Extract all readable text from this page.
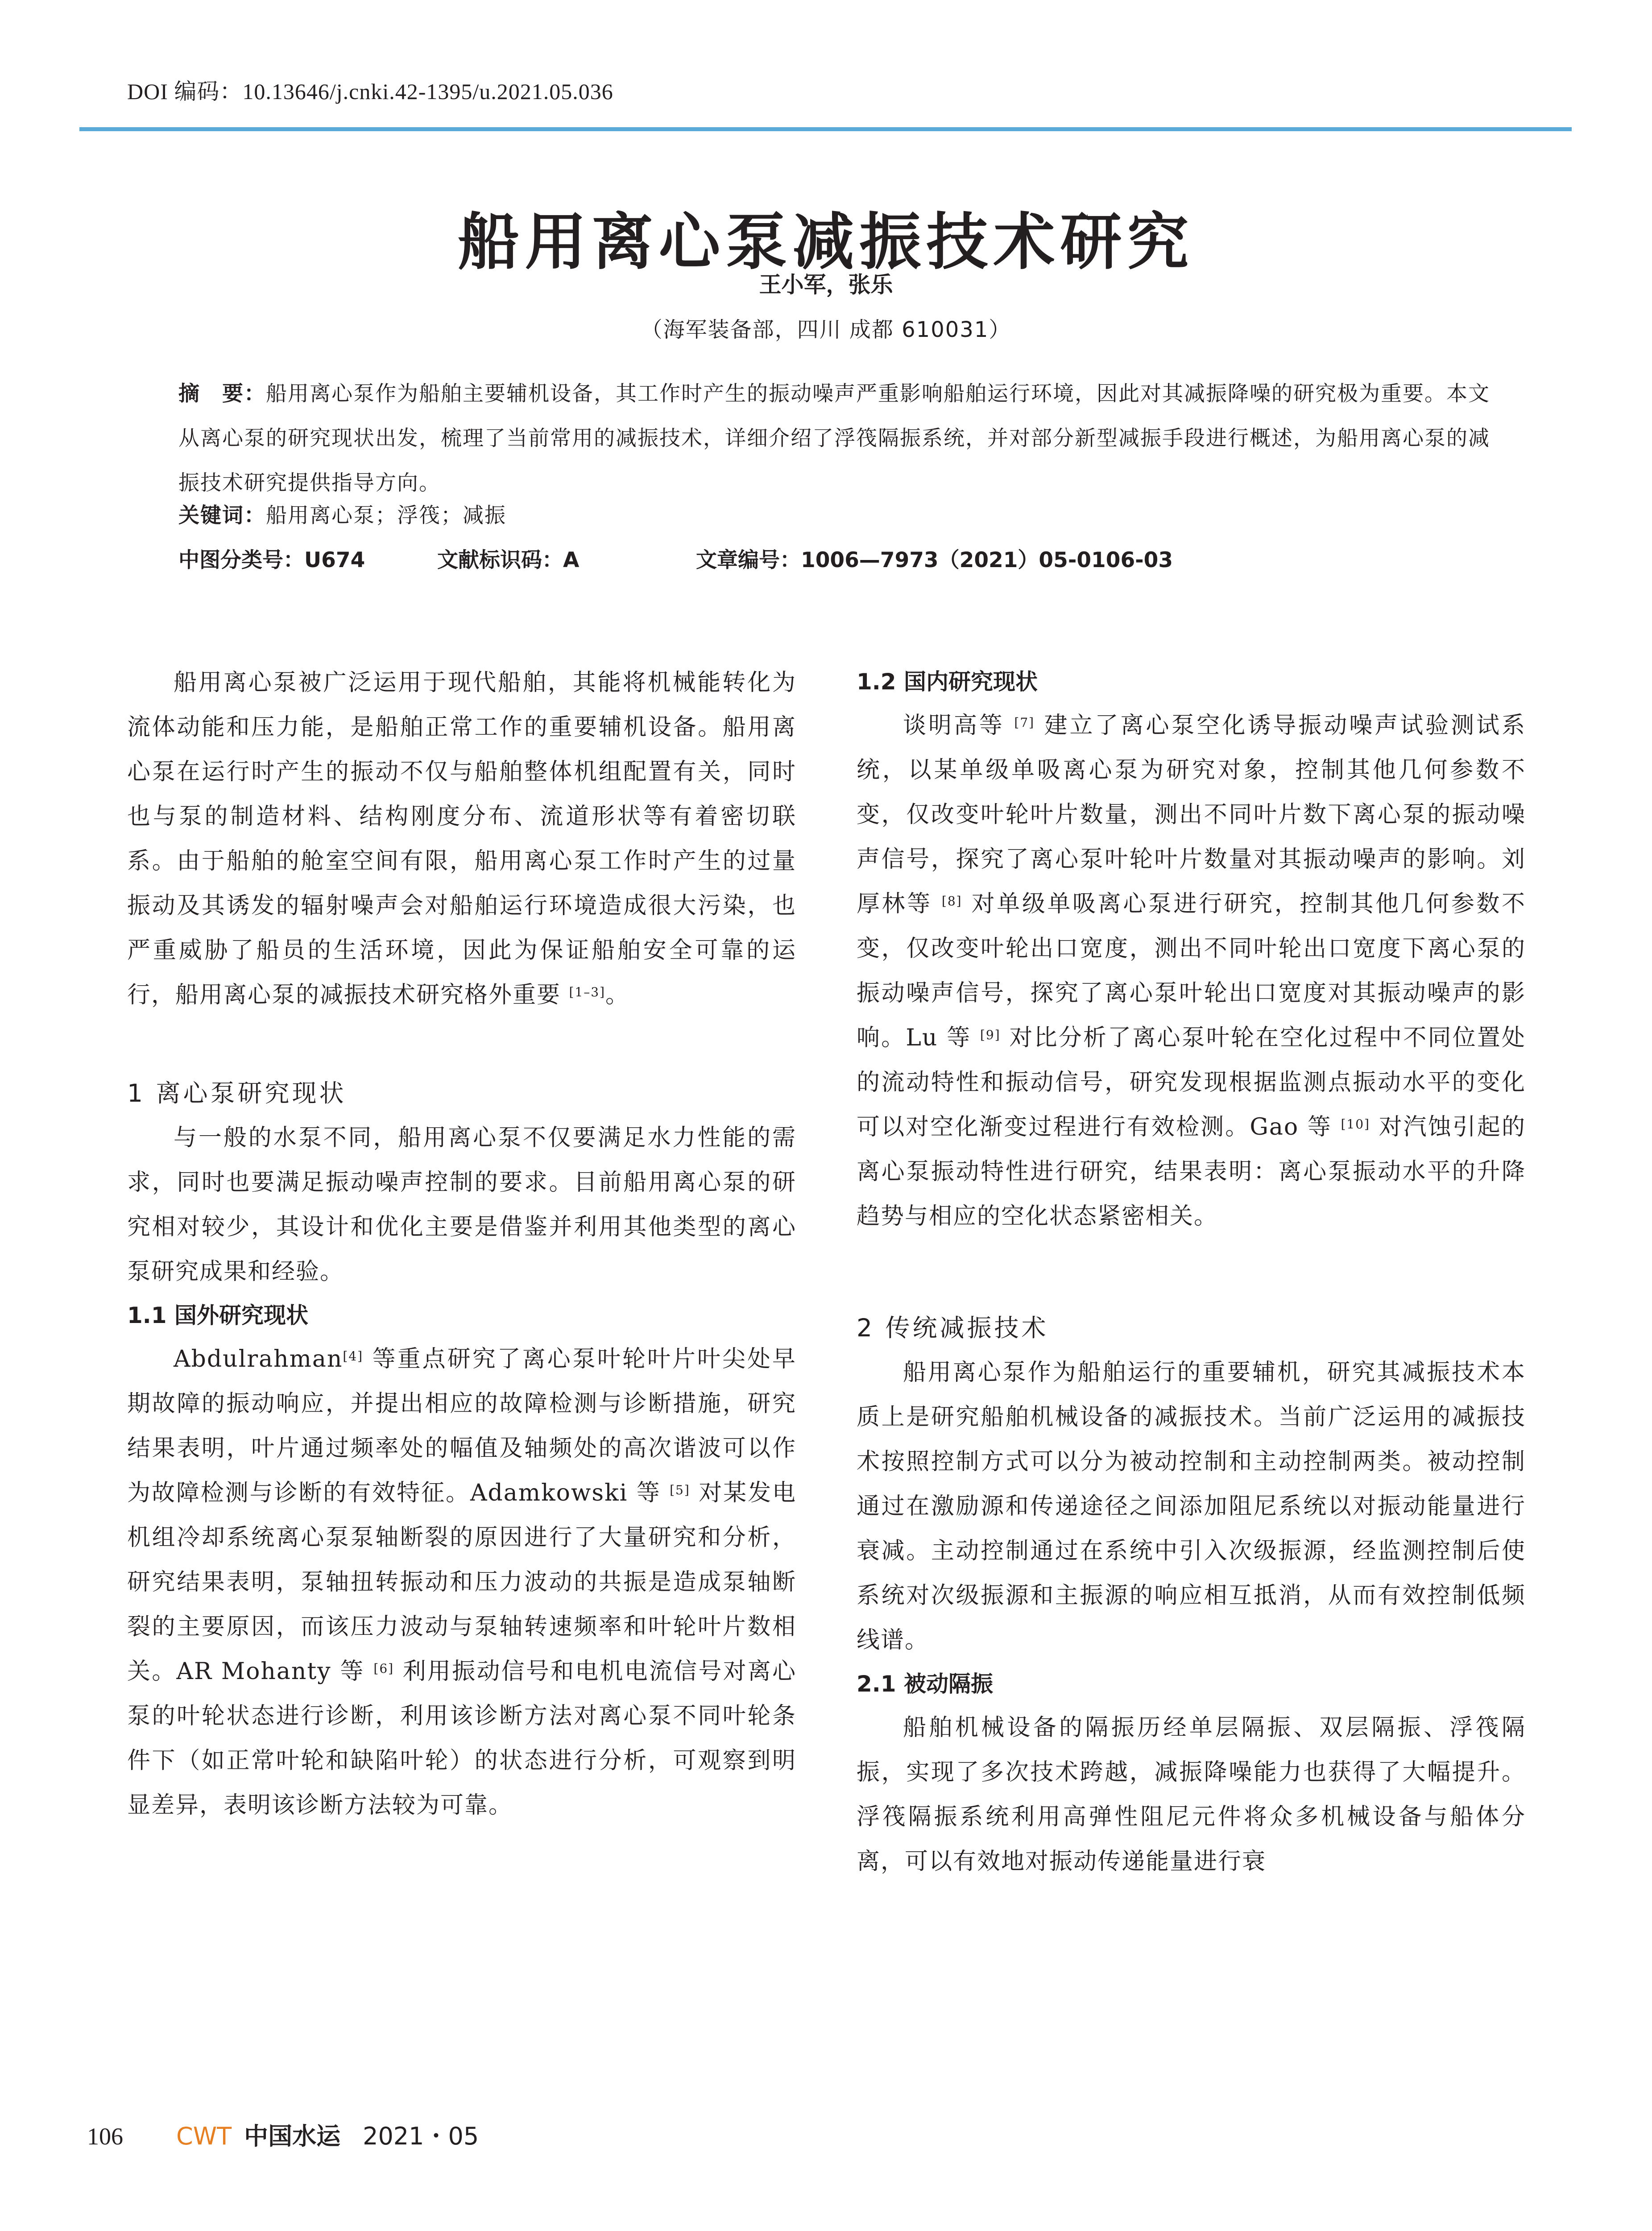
DOI 编码：10.13646/j.cnki.42-1395/u.2021.05.036
船用离心泵减振技术研究
王小军，张乐
（海军装备部，四川 成都 610031）
摘　要：船用离心泵作为船舶主要辅机设备，其工作时产生的振动噪声严重影响船舶运行环境，因此对其减振降噪的研究极为重要。本文从离心泵的研究现状出发，梳理了当前常用的减振技术，详细介绍了浮筏隔振系统，并对部分新型减振手段进行概述，为船用离心泵的减振技术研究提供指导方向。
关键词：船用离心泵；浮筏；减振
中图分类号：U674	文献标识码：A	文章编号：1006—7973（2021）05-0106-03

船用离心泵被广泛运用于现代船舶，其能将机械能转化为流体动能和压力能，是船舶正常工作的重要辅机设备。船用离心泵在运行时产生的振动不仅与船舶整体机组配置有关，同时也与泵的制造材料、结构刚度分布、流道形状等有着密切联系。由于船舶的舱室空间有限，船用离心泵工作时产生的过量振动及其诱发的辐射噪声会对船舶运行环境造成很大污染，也严重威胁了船员的生活环境，因此为保证船舶安全可靠的运行，船用离心泵的减振技术研究格外重要 [1–3]。

1 离心泵研究现状

与一般的水泵不同，船用离心泵不仅要满足水力性能的需求，同时也要满足振动噪声控制的要求。目前船用离心泵的研究相对较少，其设计和优化主要是借鉴并利用其他类型的离心泵研究成果和经验。

1.1 国外研究现状

Abdulrahman[4] 等重点研究了离心泵叶轮叶片叶尖处早期故障的振动响应，并提出相应的故障检测与诊断措施，研究结果表明，叶片通过频率处的幅值及轴频处的高次谐波可以作为故障检测与诊断的有效特征。Adamkowski 等 [5] 对某发电机组冷却系统离心泵泵轴断裂的原因进行了大量研究和分析，研究结果表明，泵轴扭转振动和压力波动的共振是造成泵轴断裂的主要原因，而该压力波动与泵轴转速频率和叶轮叶片数相关。AR Mohanty 等 [6] 利用振动信号和电机电流信号对离心泵的叶轮状态进行诊断，利用该诊断方法对离心泵不同叶轮条件下（如正常叶轮和缺陷叶轮）的状态进行分析，可观察到明显差异，表明该诊断方法较为可靠。

1.2 国内研究现状

谈明高等 [7] 建立了离心泵空化诱导振动噪声试验测试系统，以某单级单吸离心泵为研究对象，控制其他几何参数不变，仅改变叶轮叶片数量，测出不同叶片数下离心泵的振动噪声信号，探究了离心泵叶轮叶片数量对其振动噪声的影响。刘厚林等 [8] 对单级单吸离心泵进行研究，控制其他几何参数不变，仅改变叶轮出口宽度，测出不同叶轮出口宽度下离心泵的振动噪声信号，探究了离心泵叶轮出口宽度对其振动噪声的影响。Lu 等 [9] 对比分析了离心泵叶轮在空化过程中不同位置处的流动特性和振动信号，研究发现根据监测点振动水平的变化可以对空化渐变过程进行有效检测。Gao 等 [10] 对汽蚀引起的离心泵振动特性进行研究，结果表明：离心泵振动水平的升降趋势与相应的空化状态紧密相关。

2 传统减振技术

船用离心泵作为船舶运行的重要辅机，研究其减振技术本质上是研究船舶机械设备的减振技术。当前广泛运用的减振技术按照控制方式可以分为被动控制和主动控制两类。被动控制通过在激励源和传递途径之间添加阻尼系统以对振动能量进行衰减。主动控制通过在系统中引入次级振源，经监测控制后使系统对次级振源和主振源的响应相互抵消，从而有效控制低频线谱。

2.1 被动隔振

船舶机械设备的隔振历经单层隔振、双层隔振、浮筏隔振，实现了多次技术跨越，减振降噪能力也获得了大幅提升。浮筏隔振系统利用高弹性阻尼元件将众多机械设备与船体分离，可以有效地对振动传递能量进行衰

106 CWT 中国水运 2021・05
